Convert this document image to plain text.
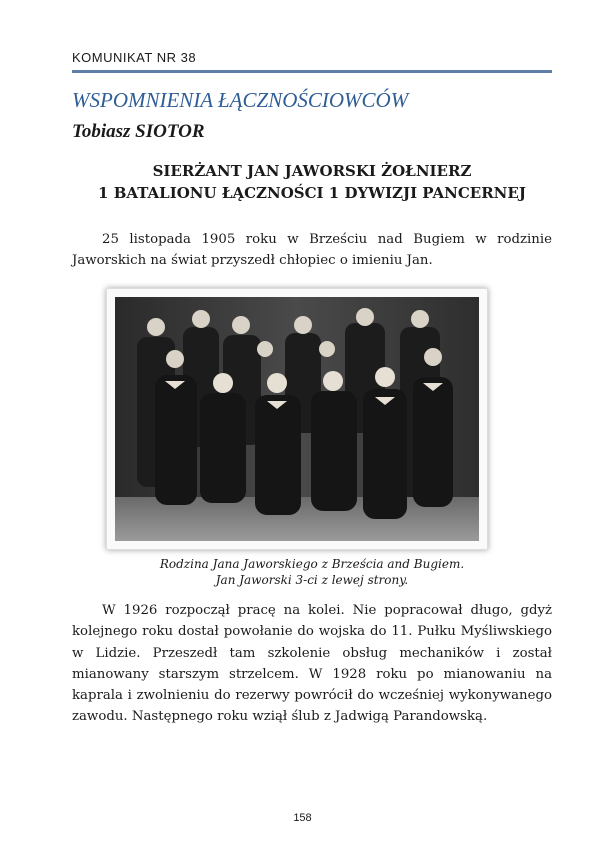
KOMUNIKAT NR 38
WSPOMNIENIA ŁĄCZNOŚCIOWCÓW
Tobiasz SIOTOR
SIERŻANT JAN JAWORSKI ŻOŁNIERZ
1 BATALIONU ŁĄCZNOŚCI 1 DYWIZJI PANCERNEJ
25 listopada 1905 roku w Brześciu nad Bugiem w rodzinie Jaworskich na świat przyszedł chłopiec o imieniu Jan.
Rodzina Jana Jaworskiego z Brześcia and Bugiem.
Jan Jaworski 3-ci z lewej strony.
W 1926 rozpoczął pracę na kolei. Nie popracował długo, gdyż kolejnego roku dostał powołanie do wojska do 11. Pułku Myśliwskiego w Lidzie. Przeszedł tam szkolenie obsług mechaników i został mianowany starszym strzelcem. W 1928 roku po mianowaniu na kaprala i zwolnieniu do rezerwy powrócił do wcześniej wykonywanego zawodu. Następnego roku wziął ślub z Jadwigą Parandowską.
158
